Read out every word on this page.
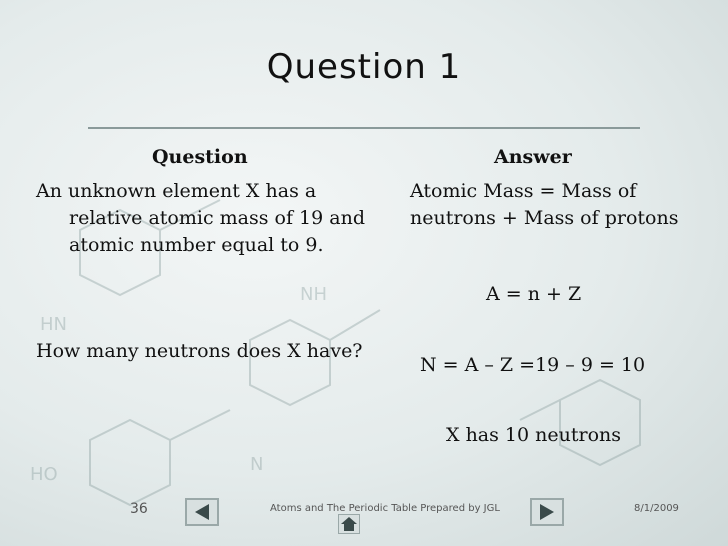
HN
NH
HO	N
Question 1
Question	Answer
An unknown element X has a relative atomic mass of 19 and atomic number equal to 9.
How many neutrons does X have?
Atomic Mass = Mass of neutrons + Mass of protons
A = n + Z
N = A – Z =19 – 9 = 10
X has 10 neutrons
36	Atoms and The Periodic Table Prepared by JGL	8/1/2009
